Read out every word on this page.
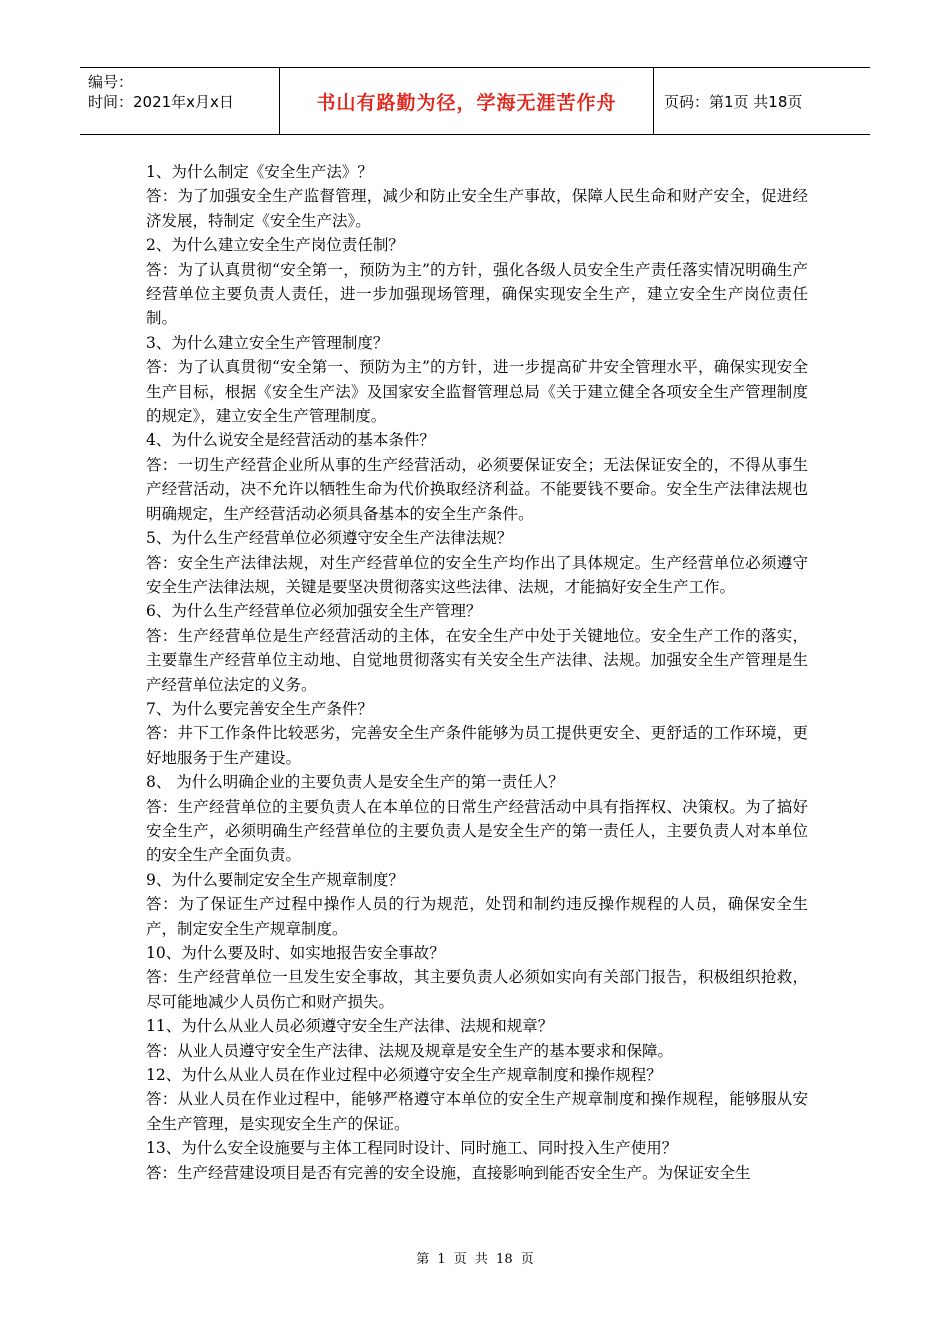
编号：
时间：2021年x月x日	书山有路勤为径，学海无涯苦作舟	页码：第1页 共18页

1、为什么制定《安全生产法》？

答：为了加强安全生产监督管理，减少和防止安全生产事故，保障人民生命和财产安全，促进经济发展，特制定《安全生产法》。

2、为什么建立安全生产岗位责任制？

答：为了认真贯彻“安全第一，预防为主”的方针，强化各级人员安全生产责任落实情况明确生产经营单位主要负责人责任，进一步加强现场管理，确保实现安全生产，建立安全生产岗位责任制。

3、为什么建立安全生产管理制度？

答：为了认真贯彻“安全第一、预防为主”的方针，进一步提高矿井安全管理水平，确保实现安全生产目标，根据《安全生产法》及国家安全监督管理总局《关于建立健全各项安全生产管理制度的规定》，建立安全生产管理制度。

4、为什么说安全是经营活动的基本条件？

答：一切生产经营企业所从事的生产经营活动，必须要保证安全；无法保证安全的，不得从事生产经营活动，决不允许以牺牲生命为代价换取经济利益。不能要钱不要命。安全生产法律法规也明确规定，生产经营活动必须具备基本的安全生产条件。

5、为什么生产经营单位必须遵守安全生产法律法规？

答：安全生产法律法规，对生产经营单位的安全生产均作出了具体规定。生产经营单位必须遵守安全生产法律法规，关键是要坚决贯彻落实这些法律、法规，才能搞好安全生产工作。

6、为什么生产经营单位必须加强安全生产管理？

答：生产经营单位是生产经营活动的主体，在安全生产中处于关键地位。安全生产工作的落实，主要靠生产经营单位主动地、自觉地贯彻落实有关安全生产法律、法规。加强安全生产管理是生产经营单位法定的义务。

7、为什么要完善安全生产条件？

答：井下工作条件比较恶劣，完善安全生产条件能够为员工提供更安全、更舒适的工作环境，更好地服务于生产建设。

8、 为什么明确企业的主要负责人是安全生产的第一责任人？

答：生产经营单位的主要负责人在本单位的日常生产经营活动中具有指挥权、决策权。为了搞好安全生产，必须明确生产经营单位的主要负责人是安全生产的第一责任人，主要负责人对本单位的安全生产全面负责。

9、为什么要制定安全生产规章制度？

答：为了保证生产过程中操作人员的行为规范，处罚和制约违反操作规程的人员，确保安全生产，制定安全生产规章制度。

10、为什么要及时、如实地报告安全事故？

答：生产经营单位一旦发生安全事故，其主要负责人必须如实向有关部门报告，积极组织抢救，尽可能地减少人员伤亡和财产损失。

11、为什么从业人员必须遵守安全生产法律、法规和规章？

答：从业人员遵守安全生产法律、法规及规章是安全生产的基本要求和保障。

12、为什么从业人员在作业过程中必须遵守安全生产规章制度和操作规程？

答：从业人员在作业过程中，能够严格遵守本单位的安全生产规章制度和操作规程，能够服从安全生产管理，是实现安全生产的保证。

13、为什么安全设施要与主体工程同时设计、同时施工、同时投入生产使用？

答：生产经营建设项目是否有完善的安全设施，直接影响到能否安全生产。为保证安全生

第 1 页 共 18 页
